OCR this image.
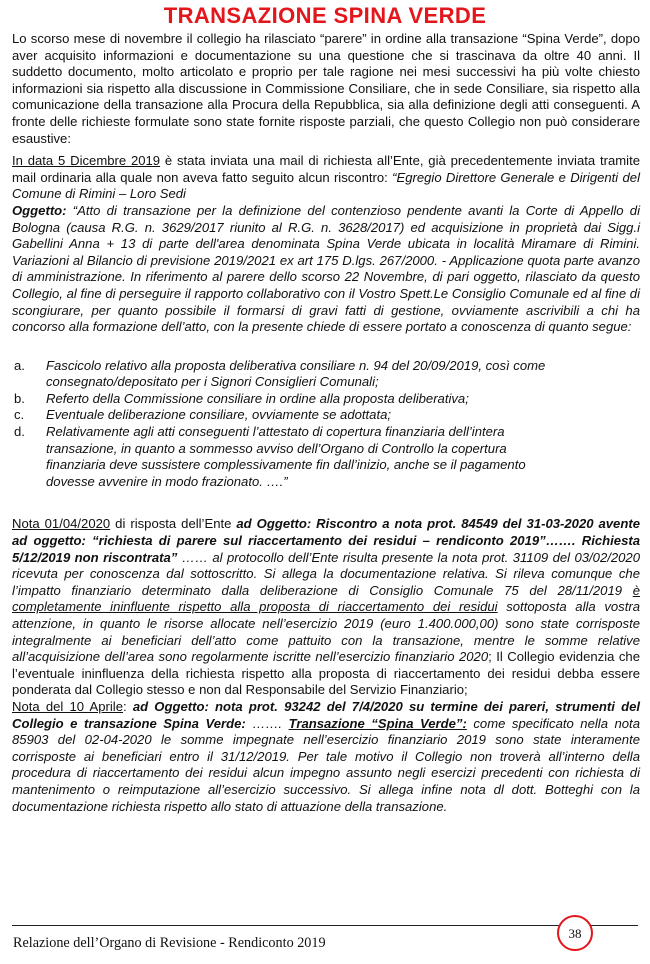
TRANSAZIONE SPINA VERDE

Lo scorso mese di novembre il collegio ha rilasciato “parere” in ordine alla transazione “Spina Verde”, dopo aver acquisito informazioni e documentazione su una questione che si trascinava da oltre 40 anni. Il suddetto documento, molto articolato e proprio per tale ragione nei mesi successivi ha più volte chiesto informazioni sia rispetto alla discussione in Commissione Consiliare, che in sede Consiliare, sia rispetto alla comunicazione della transazione alla Procura della Repubblica, sia alla definizione degli atti conseguenti. A fronte delle richieste formulate sono state fornite risposte parziali, che questo Collegio non può considerare esaustive:

In data 5 Dicembre 2019 è stata inviata una mail di richiesta all’Ente, già precedentemente inviata tramite mail ordinaria alla quale non aveva fatto seguito alcun riscontro: “Egregio Direttore Generale e Dirigenti del Comune di Rimini – Loro Sedi
Oggetto: “Atto di transazione per la definizione del contenzioso pendente avanti la Corte di Appello di Bologna (causa R.G. n. 3629/2017 riunito al R.G. n. 3628/2017) ed acquisizione in proprietà dai Sigg.i Gabellini Anna + 13 di parte dell'area denominata Spina Verde ubicata in località Miramare di Rimini. Variazioni al Bilancio di previsione 2019/2021 ex art 175 D.lgs. 267/2000. - Applicazione quota parte avanzo di amministrazione. In riferimento al parere dello scorso 22 Novembre, di pari oggetto, rilasciato da questo Collegio, al fine di perseguire il rapporto collaborativo con il Vostro Spett.Le Consiglio Comunale ed al fine di scongiurare, per quanto possibile il formarsi di gravi fatti di gestione, ovviamente ascrivibili a chi ha concorso alla formazione dell’atto, con la presente chiede di essere portato a conoscenza di quanto segue:

a.	Fascicolo relativo alla proposta deliberativa consiliare n. 94 del 20/09/2019, così come consegnato/depositato per i Signori Consiglieri Comunali;
b.	Referto della Commissione consiliare in ordine alla proposta deliberativa;
c.	Eventuale deliberazione consiliare, ovviamente se adottata;
d.	Relativamente agli atti conseguenti l’attestato di copertura finanziaria dell’intera transazione, in quanto a sommesso avviso dell’Organo di Controllo la copertura finanziaria deve sussistere complessivamente fin dall’inizio, anche se il pagamento dovesse avvenire in modo frazionato. ….”

Nota 01/04/2020 di risposta dell’Ente ad Oggetto: Riscontro a nota prot. 84549 del 31-03-2020 avente ad oggetto: “richiesta di parere sul riaccertamento dei residui – rendiconto 2019”……. Richiesta 5/12/2019 non riscontrata” …… al protocollo dell’Ente risulta presente la nota prot. 31109 del 03/02/2020 ricevuta per conoscenza dal sottoscritto. Si allega la documentazione relativa. Si rileva comunque che l’impatto finanziario determinato dalla deliberazione di Consiglio Comunale 75 del 28/11/2019 è completamente ininfluente rispetto alla proposta di riaccertamento dei residui sottoposta alla vostra attenzione, in quanto le risorse allocate nell’esercizio 2019 (euro 1.400.000,00) sono state corrisposte integralmente ai beneficiari dell’atto come pattuito con la transazione, mentre le somme relative all’acquisizione dell’area sono regolarmente iscritte nell’esercizio finanziario 2020; Il Collegio evidenzia che l’eventuale ininfluenza della richiesta rispetto alla proposta di riaccertamento dei residui debba essere ponderata dal Collegio stesso e non dal Responsabile del Servizio Finanziario;

Nota del 10 Aprile: ad Oggetto: nota prot. 93242 del 7/4/2020 su termine dei pareri, strumenti del Collegio e transazione Spina Verde: ……. Transazione “Spina Verde”: come specificato nella nota 85903 del 02-04-2020 le somme impegnate nell’esercizio finanziario 2019 sono state interamente corrisposte ai beneficiari entro il 31/12/2019. Per tale motivo il Collegio non troverà all’interno della procedura di riaccertamento dei residui alcun impegno assunto negli esercizi precedenti con richiesta di mantenimento o reimputazione all’esercizio successivo. Si allega infine nota dl dott. Botteghi con la documentazione richiesta rispetto allo stato di attuazione della transazione.

Relazione dell’Organo di Revisione - Rendiconto 2019
38
